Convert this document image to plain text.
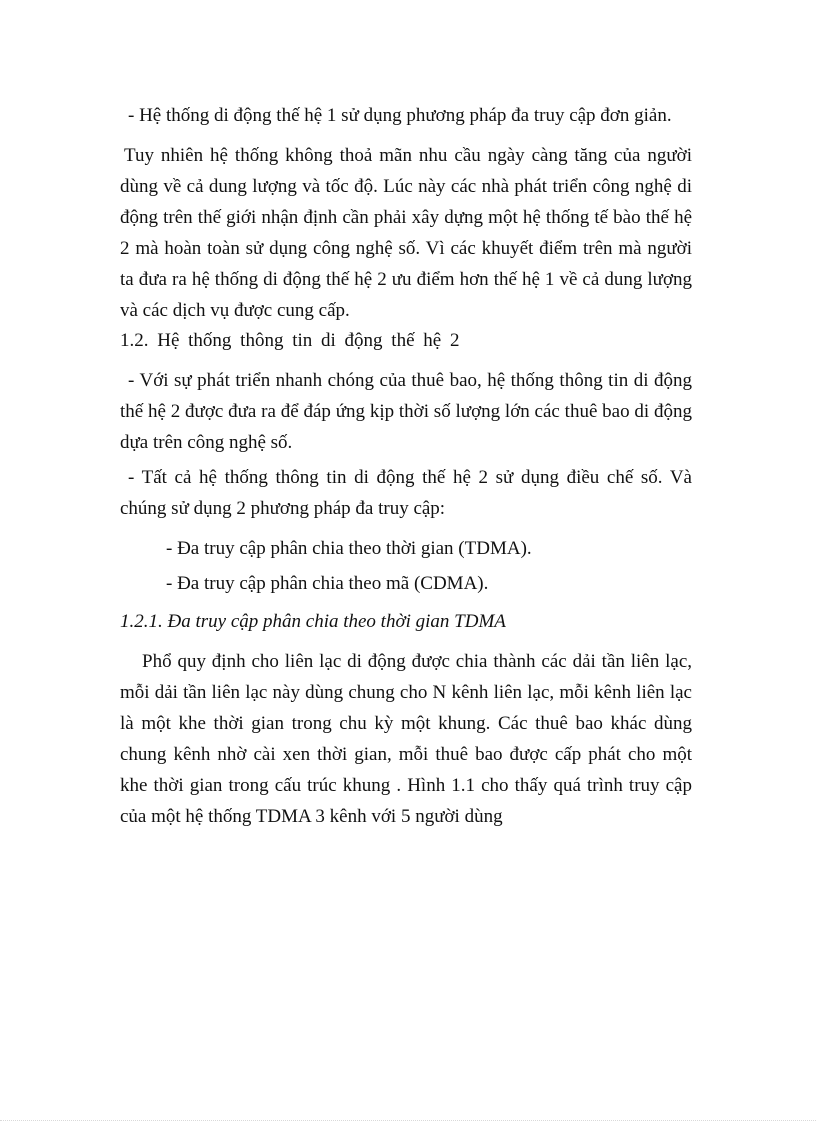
- Hệ thống di động thế hệ 1 sử dụng phương pháp đa truy cập đơn giản.

Tuy nhiên hệ thống không thoả mãn nhu cầu ngày càng tăng của người dùng về cả dung lượng và tốc độ. Lúc này các nhà phát triển công nghệ di động trên thế giới nhận định cần phải xây dựng một hệ thống tế bào thế hệ 2 mà hoàn toàn sử dụng công nghệ số. Vì các khuyết điểm trên mà người ta đưa ra hệ thống di động thế hệ 2 ưu điểm hơn thế hệ 1 về cả dung lượng và các dịch vụ được cung cấp.

1.2. Hệ thống thông tin di động thế hệ 2

- Với sự phát triển nhanh chóng của thuê bao, hệ thống thông tin di động thế hệ 2 được đưa ra để đáp ứng kịp thời số lượng lớn các thuê bao di động dựa trên công nghệ số.

- Tất cả hệ thống thông tin di động thế hệ 2 sử dụng điều chế số. Và chúng sử dụng 2 phương pháp đa truy cập:

- Đa truy cập phân chia theo thời gian (TDMA).

- Đa truy cập phân chia theo mã (CDMA).

1.2.1. Đa truy cập phân chia theo thời gian TDMA

Phổ quy định cho liên lạc di động được chia thành các dải tần liên lạc, mỗi dải tần liên lạc này dùng chung cho N kênh liên lạc, mỗi kênh liên lạc là một khe thời gian trong chu kỳ một khung. Các thuê bao khác dùng chung kênh nhờ cài xen thời gian, mỗi thuê bao được cấp phát cho một khe thời gian trong cấu trúc khung . Hình 1.1 cho thấy quá trình truy cập của một hệ thống TDMA 3 kênh với 5 người dùng
